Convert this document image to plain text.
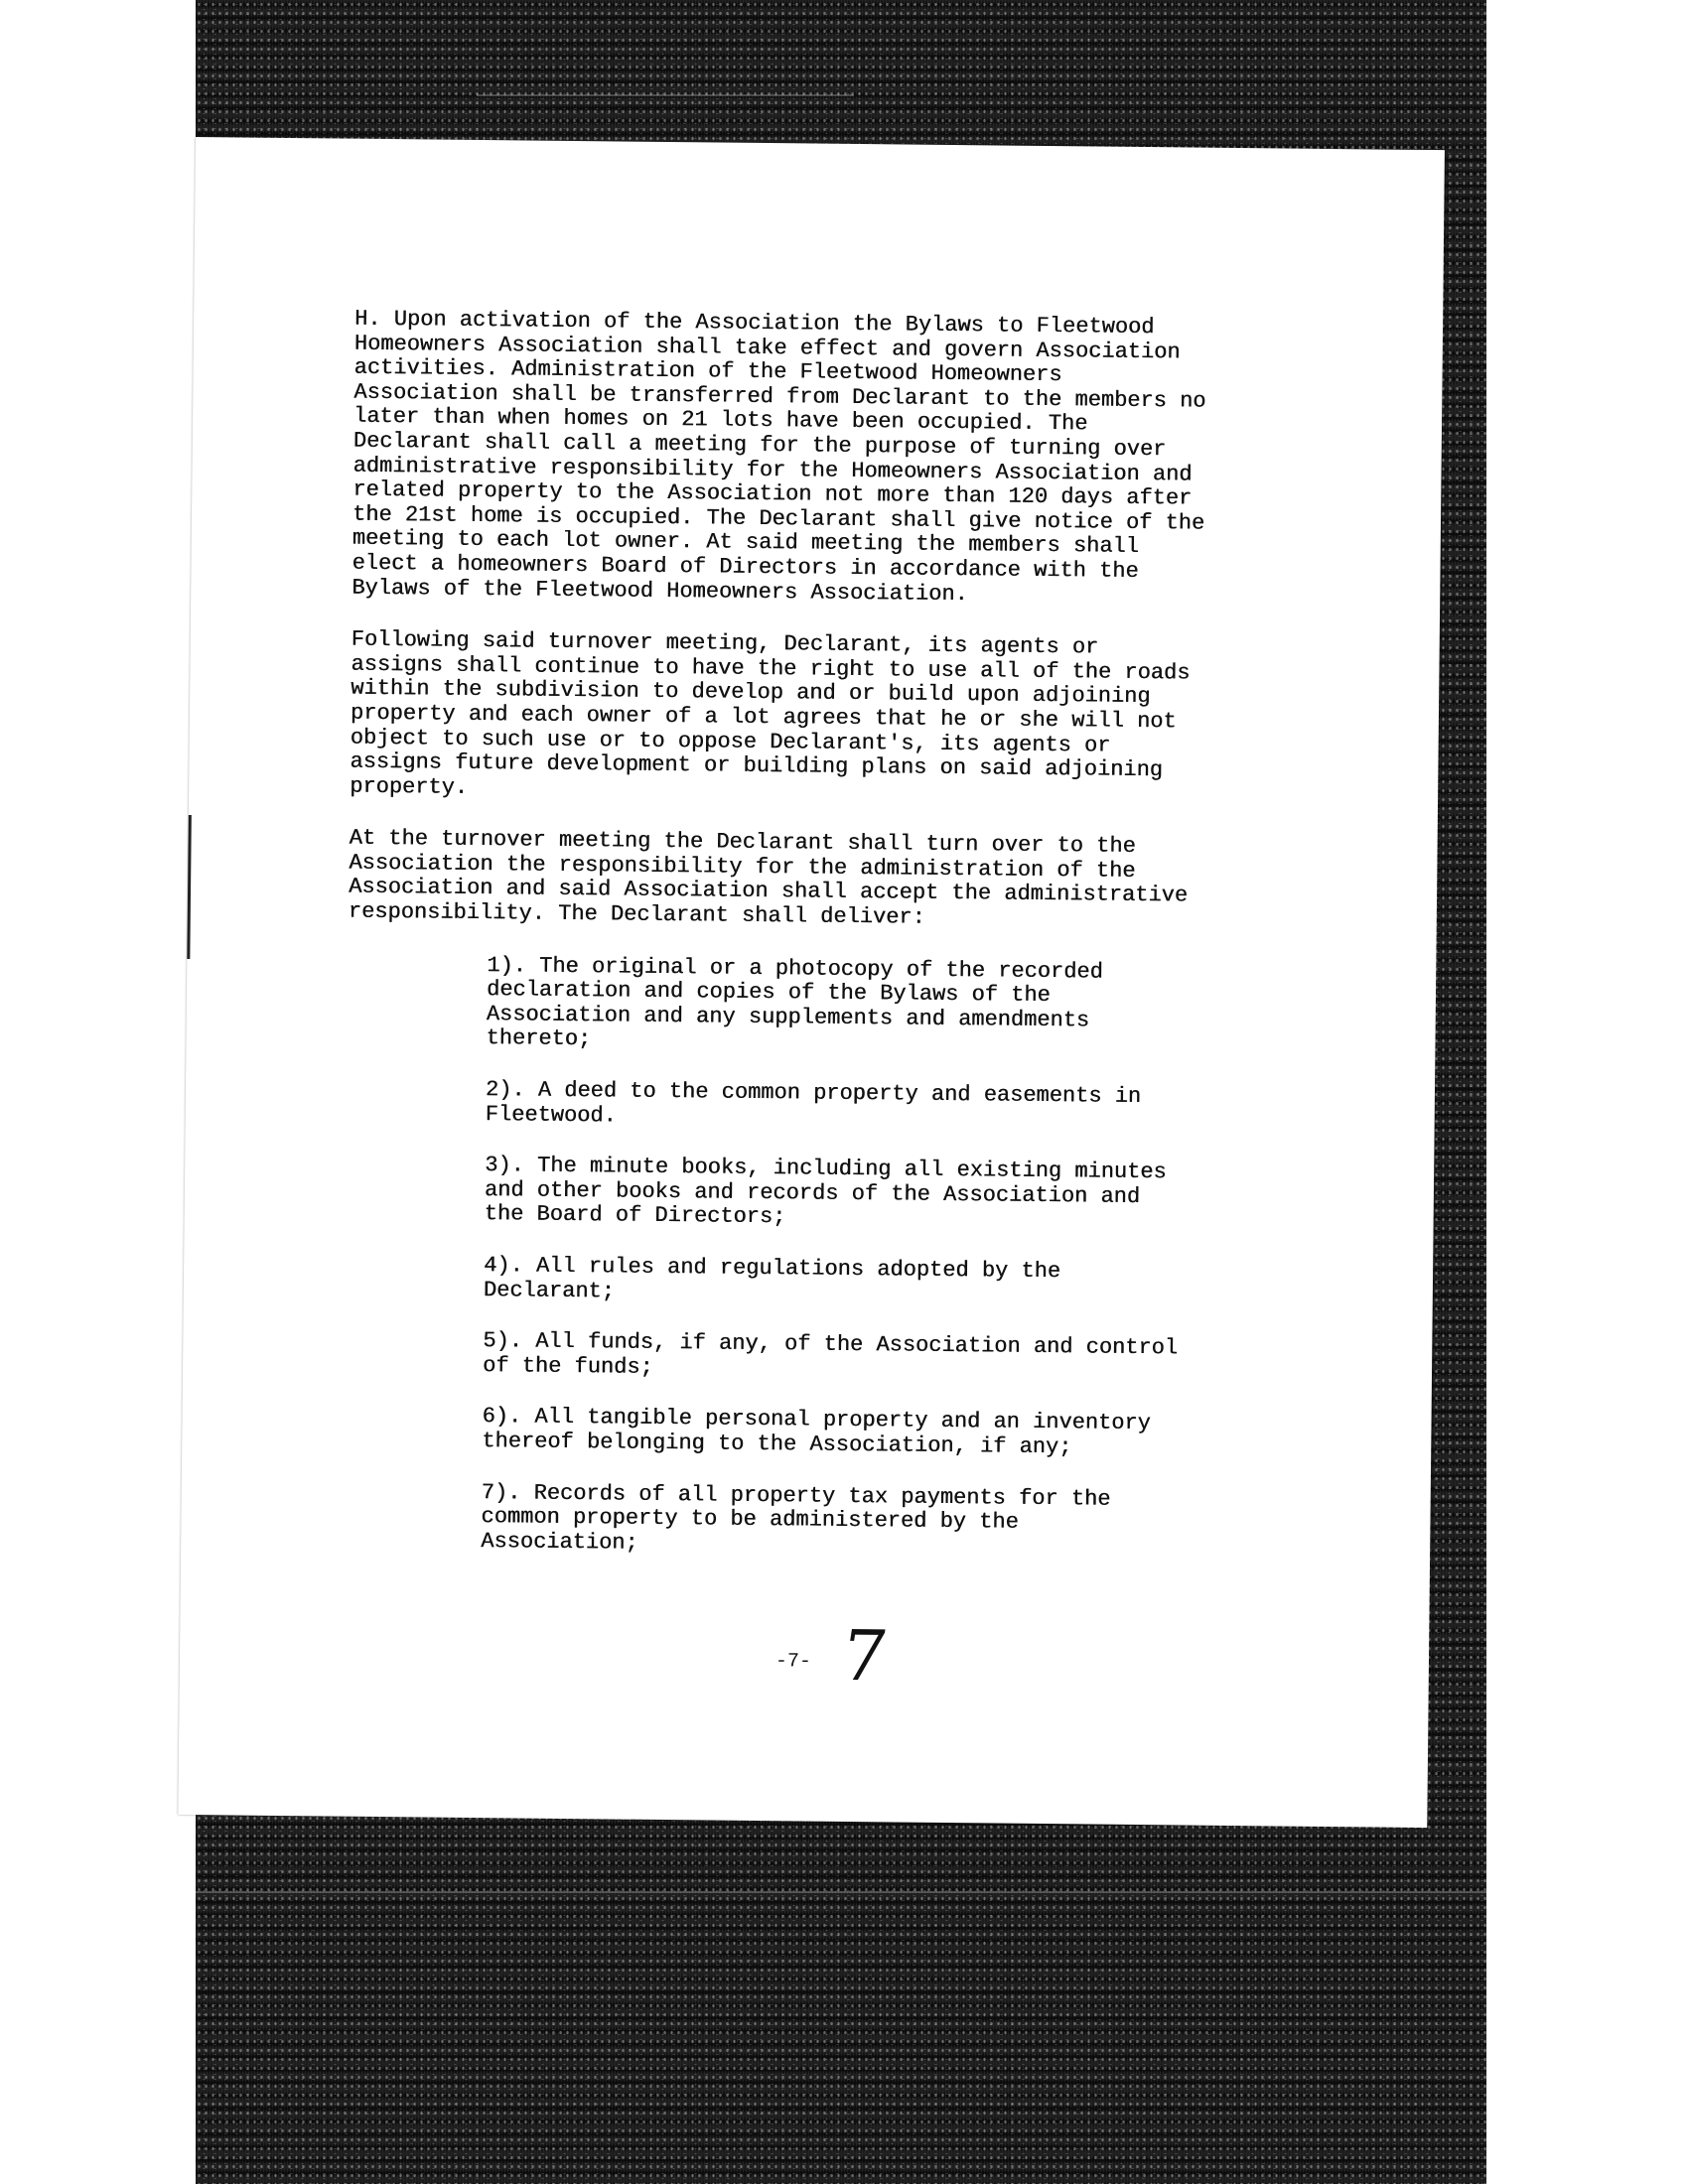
H. Upon activation of the Association the Bylaws to Fleetwood
Homeowners Association shall take effect and govern Association
activities. Administration of the Fleetwood Homeowners
Association shall be transferred from Declarant to the members no
later than when homes on 21 lots have been occupied. The
Declarant shall call a meeting for the purpose of turning over
administrative responsibility for the Homeowners Association and
related property to the Association not more than 120 days after
the 21st home is occupied. The Declarant shall give notice of the
meeting to each lot owner. At said meeting the members shall
elect a homeowners Board of Directors in accordance with the
Bylaws of the Fleetwood Homeowners Association.

Following said turnover meeting, Declarant, its agents or
assigns shall continue to have the right to use all of the roads
within the subdivision to develop and or build upon adjoining
property and each owner of a lot agrees that he or she will not
object to such use or to oppose Declarant's, its agents or
assigns future development or building plans on said adjoining
property.

At the turnover meeting the Declarant shall turn over to the
Association the responsibility for the administration of the
Association and said Association shall accept the administrative
responsibility. The Declarant shall deliver:

1). The original or a photocopy of the recorded
declaration and copies of the Bylaws of the
Association and any supplements and amendments
thereto;
2). A deed to the common property and easements in
Fleetwood.
3). The minute books, including all existing minutes
and other books and records of the Association and
the Board of Directors;
4). All rules and regulations adopted by the
Declarant;
5). All funds, if any, of the Association and control
of the funds;
6). All tangible personal property and an inventory
thereof belonging to the Association, if any;
7). Records of all property tax payments for the
common property to be administered by the
Association;
-7- 7
